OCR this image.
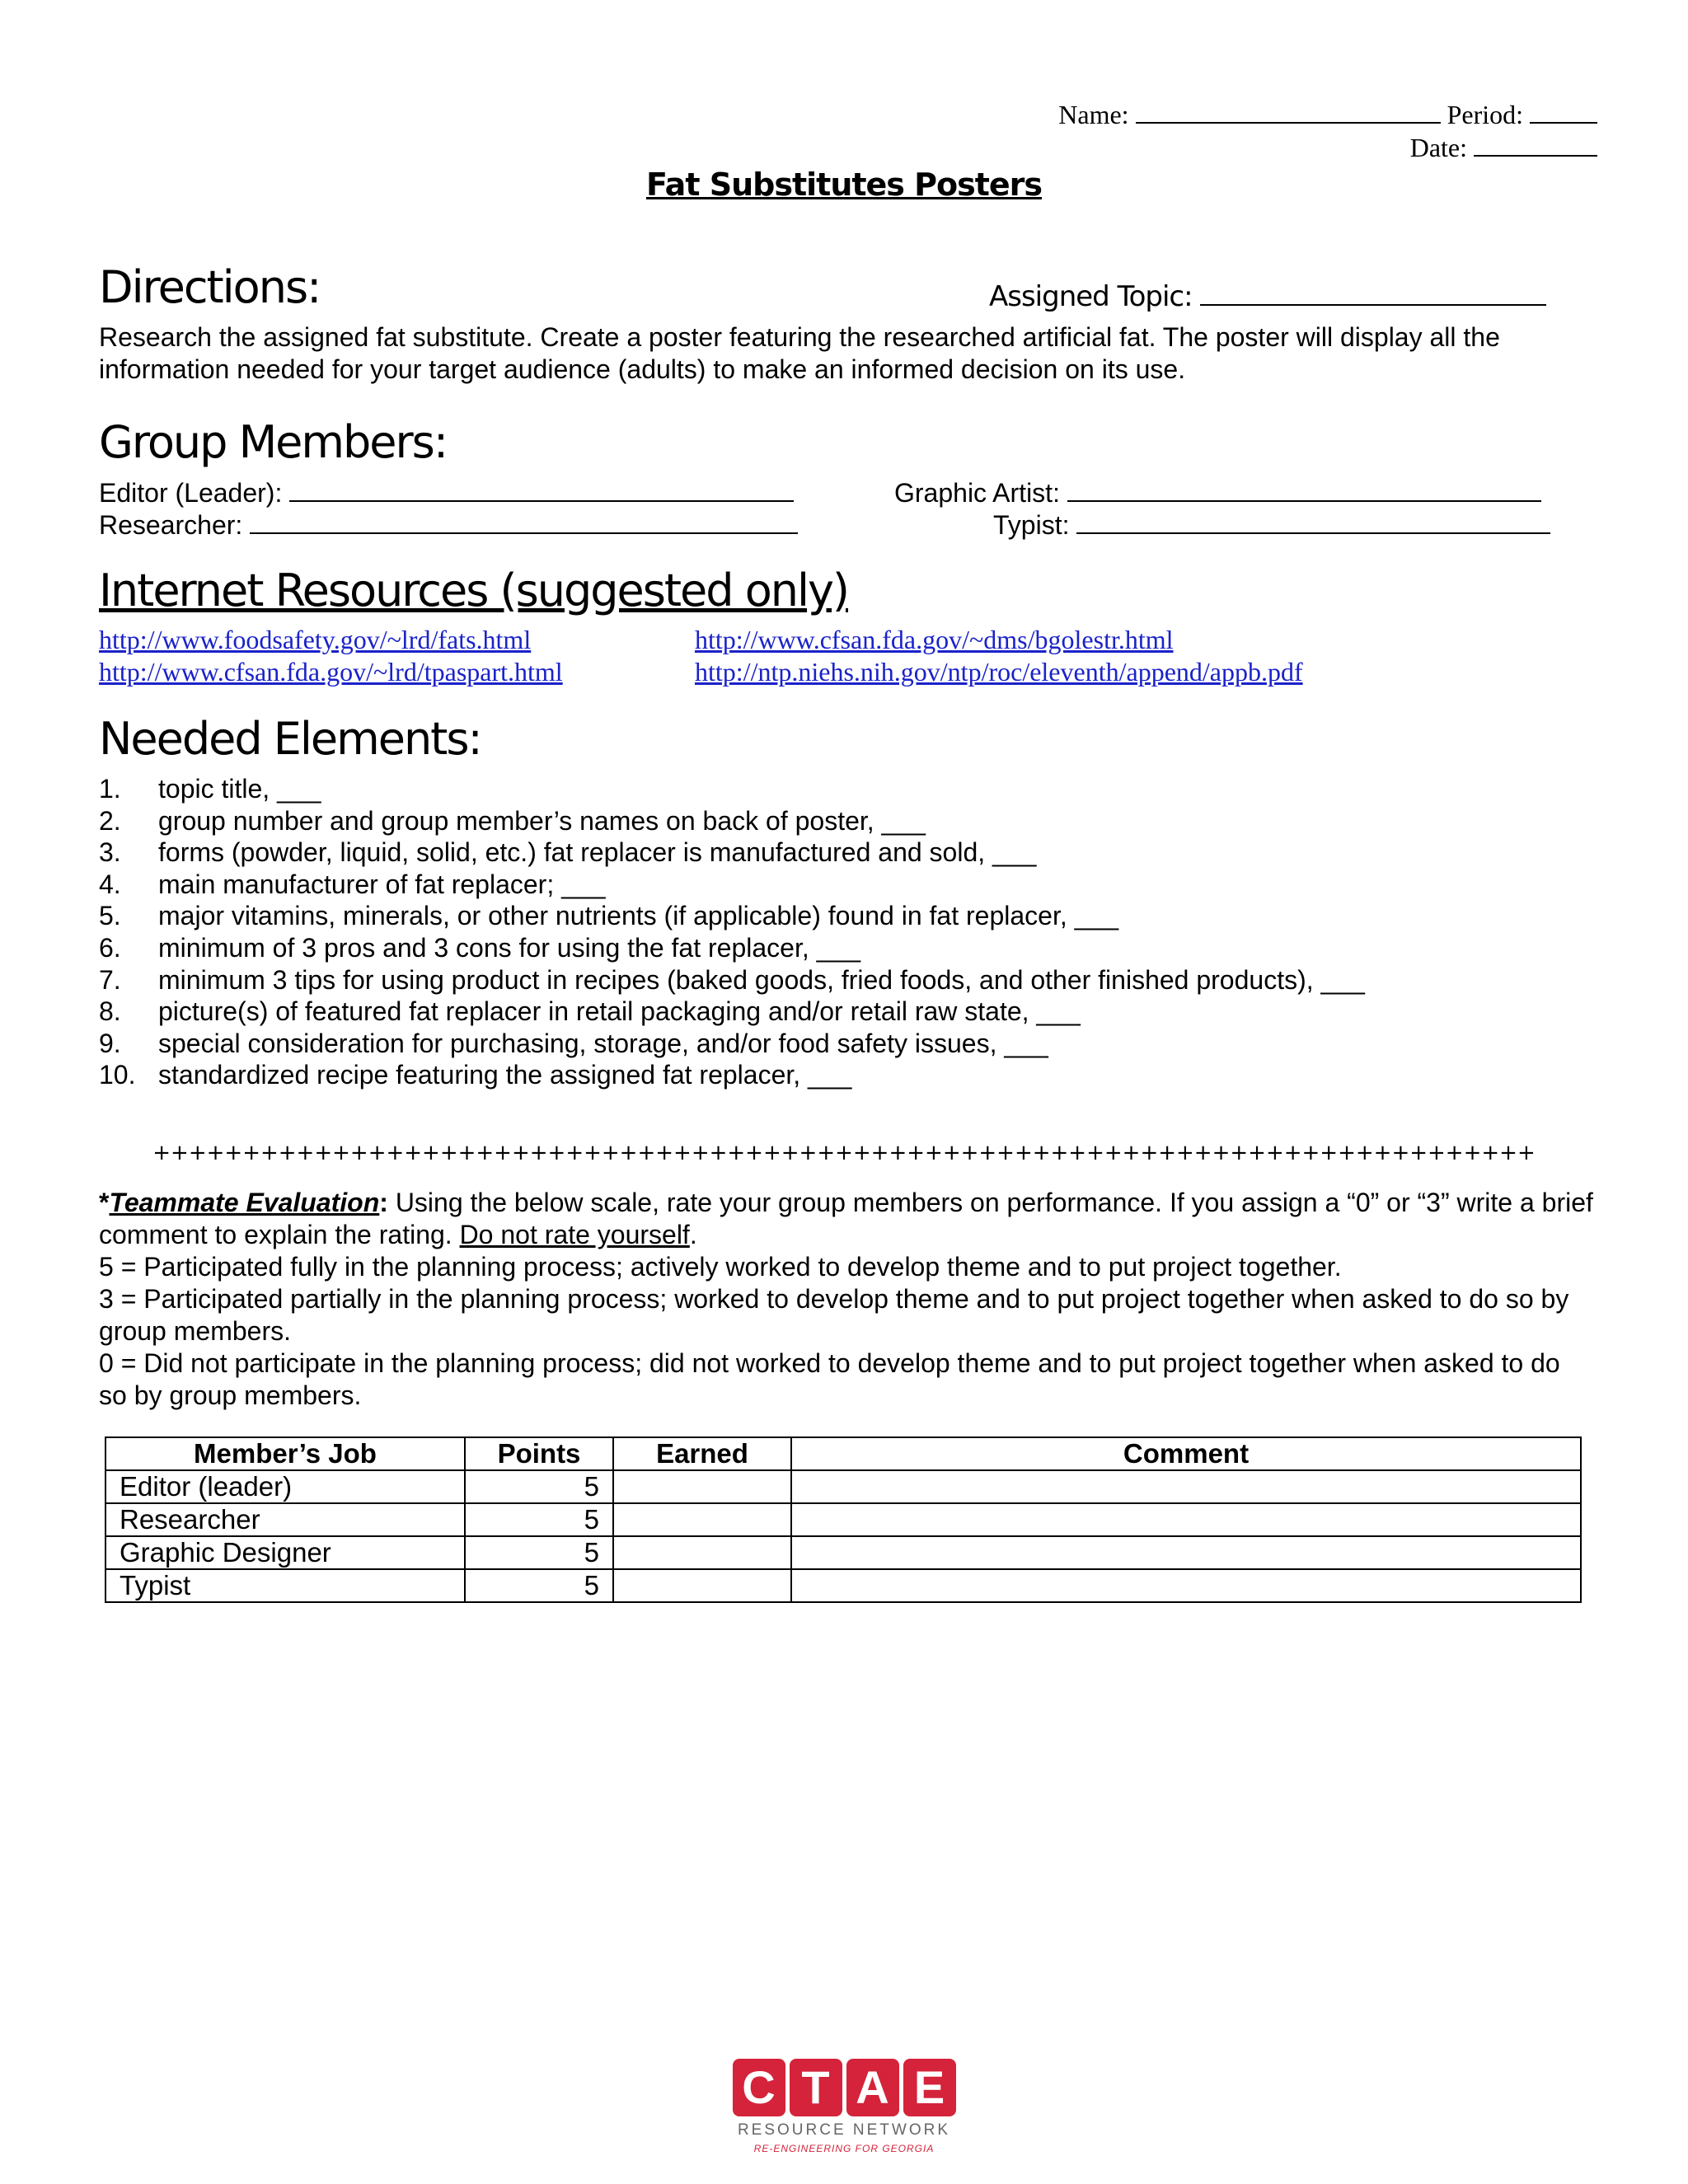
Name:	Period:
Date:
Fat Substitutes Posters
Directions:	Assigned Topic:
Research the assigned fat substitute. Create a poster featuring the researched artificial fat. The poster will display all the information needed for your target audience (adults) to make an informed decision on its use.
Group Members:
Editor (Leader):	Graphic Artist:
Researcher:	Typist:
Internet Resources (suggested only)
http://www.foodsafety.gov/~lrd/fats.html	http://www.cfsan.fda.gov/~dms/bgolestr.html
http://www.cfsan.fda.gov/~lrd/tpaspart.html	http://ntp.niehs.nih.gov/ntp/roc/eleventh/append/appb.pdf
Needed Elements:
1.	topic title, ___
2.	group number and group member’s names on back of poster, ___
3.	forms (powder, liquid, solid, etc.) fat replacer is manufactured and sold, ___
4.	main manufacturer of fat replacer; ___
5.	major vitamins, minerals, or other nutrients (if applicable) found in fat replacer, ___
6.	minimum of 3 pros and 3 cons for using the fat replacer, ___
7.	minimum 3 tips for using product in recipes (baked goods, fried foods, and other finished products), ___
8.	picture(s) of featured fat replacer in retail packaging and/or retail raw state, ___
9.	special consideration for purchasing, storage, and/or food safety issues, ___
10. standardized recipe featuring the assigned fat replacer, ___
+++++++++++++++++++++++++++++++++++++++++++++++++++++++++++++++++++++++++++++
*Teammate Evaluation: Using the below scale, rate your group members on performance. If you assign a “0” or “3” write a brief comment to explain the rating. Do not rate yourself.
5 = Participated fully in the planning process; actively worked to develop theme and to put project together.
3 = Participated partially in the planning process; worked to develop theme and to put project together when asked to do so by group members.
0 = Did not participate in the planning process; did not worked to develop theme and to put project together when asked to do so by group members.
Member’s Job	Points	Earned	Comment
Editor (leader)	5		
Researcher	5		
Graphic Designer	5		
Typist	5		
C T A E
RESOURCE NETWORK
RE-ENGINEERING FOR GEORGIA
